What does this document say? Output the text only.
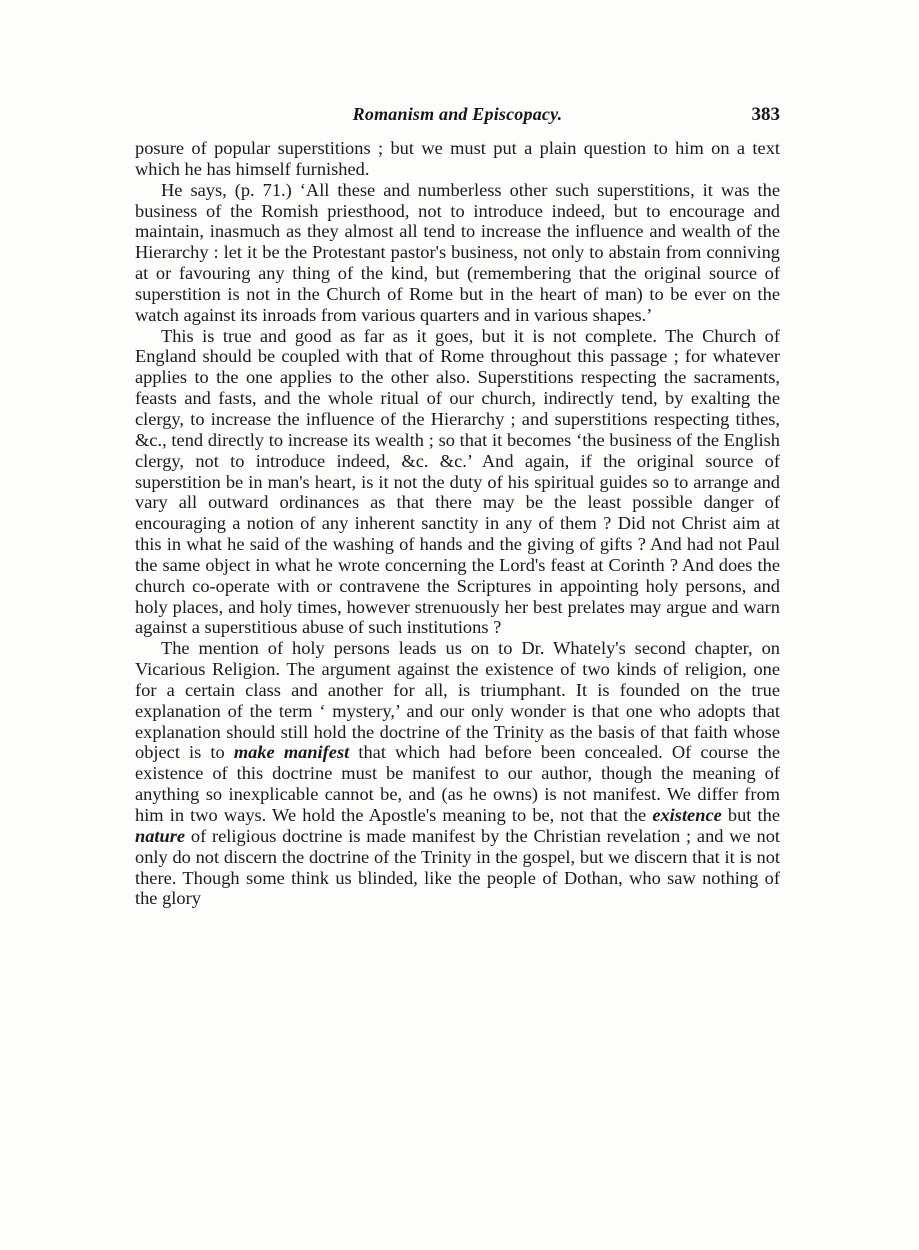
Romanism and Episcopacy.	383

posure of popular superstitions ; but we must put a plain question to him on a text which he has himself furnished.

He says, (p. 71.) ‘All these and numberless other such superstitions, it was the business of the Romish priesthood, not to introduce indeed, but to encourage and maintain, inasmuch as they almost all tend to increase the influence and wealth of the Hierarchy : let it be the Protestant pastor's business, not only to abstain from conniving at or favouring any thing of the kind, but (remembering that the original source of superstition is not in the Church of Rome but in the heart of man) to be ever on the watch against its inroads from various quarters and in various shapes.’

This is true and good as far as it goes, but it is not complete. The Church of England should be coupled with that of Rome throughout this passage ; for whatever applies to the one applies to the other also. Superstitions respecting the sacraments, feasts and fasts, and the whole ritual of our church, indirectly tend, by exalting the clergy, to increase the influence of the Hierarchy ; and superstitions respecting tithes, &c., tend directly to increase its wealth ; so that it becomes ‘the business of the English clergy, not to introduce indeed, &c. &c.’ And again, if the original source of superstition be in man's heart, is it not the duty of his spiritual guides so to arrange and vary all outward ordinances as that there may be the least possible danger of encouraging a notion of any inherent sanctity in any of them ? Did not Christ aim at this in what he said of the washing of hands and the giving of gifts ? And had not Paul the same object in what he wrote concerning the Lord's feast at Corinth ? And does the church co-operate with or contravene the Scriptures in appointing holy persons, and holy places, and holy times, however strenuously her best prelates may argue and warn against a superstitious abuse of such institutions ?

The mention of holy persons leads us on to Dr. Whately's second chapter, on Vicarious Religion. The argument against the existence of two kinds of religion, one for a certain class and another for all, is triumphant. It is founded on the true explanation of the term ‘ mystery,’ and our only wonder is that one who adopts that explanation should still hold the doctrine of the Trinity as the basis of that faith whose object is to make manifest that which had before been concealed. Of course the existence of this doctrine must be manifest to our author, though the meaning of anything so inexplicable cannot be, and (as he owns) is not manifest. We differ from him in two ways. We hold the Apostle's meaning to be, not that the existence but the nature of religious doctrine is made manifest by the Christian revelation ; and we not only do not discern the doctrine of the Trinity in the gospel, but we discern that it is not there. Though some think us blinded, like the people of Dothan, who saw nothing of the glory
